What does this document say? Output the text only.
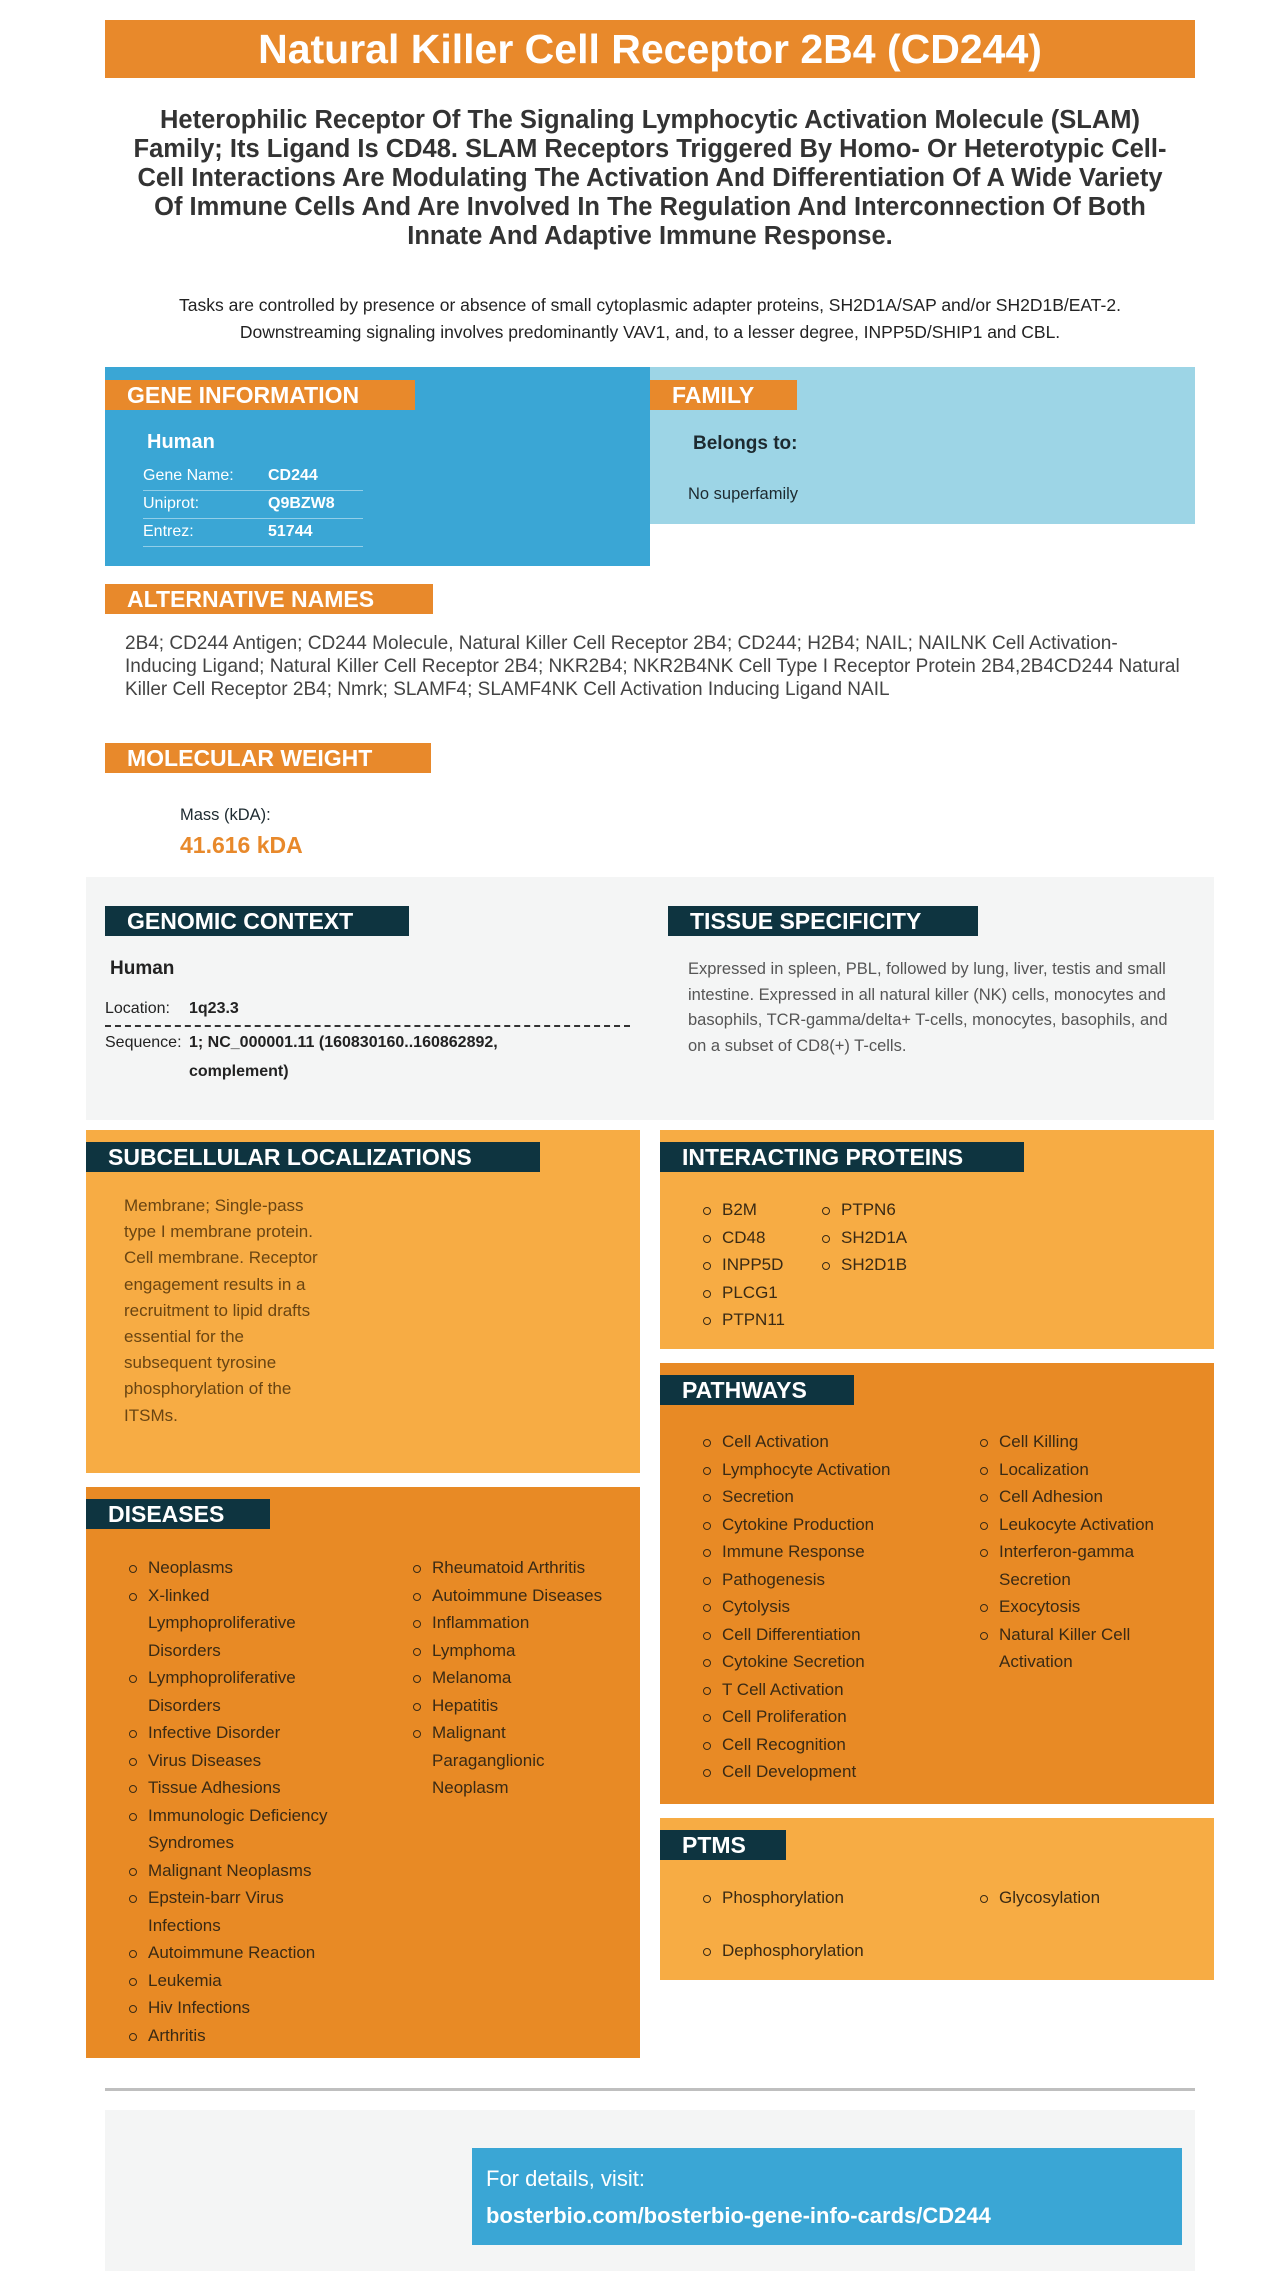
Natural Killer Cell Receptor 2B4 (CD244)
Heterophilic Receptor Of The Signaling Lymphocytic Activation Molecule (SLAM) Family; Its Ligand Is CD48. SLAM Receptors Triggered By Homo- Or Heterotypic Cell-Cell Interactions Are Modulating The Activation And Differentiation Of A Wide Variety Of Immune Cells And Are Involved In The Regulation And Interconnection Of Both Innate And Adaptive Immune Response.
Tasks are controlled by presence or absence of small cytoplasmic adapter proteins, SH2D1A/SAP and/or SH2D1B/EAT-2. Downstreaming signaling involves predominantly VAV1, and, to a lesser degree, INPP5D/SHIP1 and CBL.
GENE INFORMATION
Human
Gene Name: CD244
Uniprot:	Q9BZW8
Entrez:	51744
FAMILY
Belongs to:
No superfamily
ALTERNATIVE NAMES
2B4; CD244 Antigen; CD244 Molecule, Natural Killer Cell Receptor 2B4; CD244; H2B4; NAIL; NAILNK Cell Activation-Inducing Ligand; Natural Killer Cell Receptor 2B4; NKR2B4; NKR2B4NK Cell Type I Receptor Protein 2B4,2B4CD244 Natural Killer Cell Receptor 2B4; Nmrk; SLAMF4; SLAMF4NK Cell Activation Inducing Ligand NAIL
MOLECULAR WEIGHT
Mass (kDA):
41.616 kDA
GENOMIC CONTEXT
Human
Location: 1q23.3
Sequence: 1; NC_000001.11 (160830160..160862892,
complement)
TISSUE SPECIFICITY
Expressed in spleen, PBL, followed by lung, liver, testis and small intestine. Expressed in all natural killer (NK) cells, monocytes and basophils, TCR-gamma/delta+ T-cells, monocytes, basophils, and on a subset of CD8(+) T-cells.
SUBCELLULAR LOCALIZATIONS
Membrane; Single-pass type I membrane protein. Cell membrane. Receptor engagement results in a recruitment to lipid drafts essential for the subsequent tyrosine phosphorylation of the ITSMs.
INTERACTING PROTEINS
B2M
CD48
INPP5D
PLCG1
PTPN11
PTPN6
SH2D1A
SH2D1B
PATHWAYS
Cell Activation
Lymphocyte Activation
Secretion
Cytokine Production
Immune Response
Pathogenesis
Cytolysis
Cell Differentiation
Cytokine Secretion
T Cell Activation
Cell Proliferation
Cell Recognition
Cell Development
Cell Killing
Localization
Cell Adhesion
Leukocyte Activation
Interferon-gamma Secretion
Exocytosis
Natural Killer Cell Activation
DISEASES
Neoplasms
X-linked Lymphoproliferative Disorders
Lymphoproliferative Disorders
Infective Disorder
Virus Diseases
Tissue Adhesions
Immunologic Deficiency Syndromes
Malignant Neoplasms
Epstein-barr Virus Infections
Autoimmune Reaction
Leukemia
Hiv Infections
Arthritis
Rheumatoid Arthritis
Autoimmune Diseases
Inflammation
Lymphoma
Melanoma
Hepatitis
Malignant Paraganglionic Neoplasm
PTMS
Phosphorylation
Dephosphorylation
Glycosylation
For details, visit:
bosterbio.com/bosterbio-gene-info-cards/CD244
